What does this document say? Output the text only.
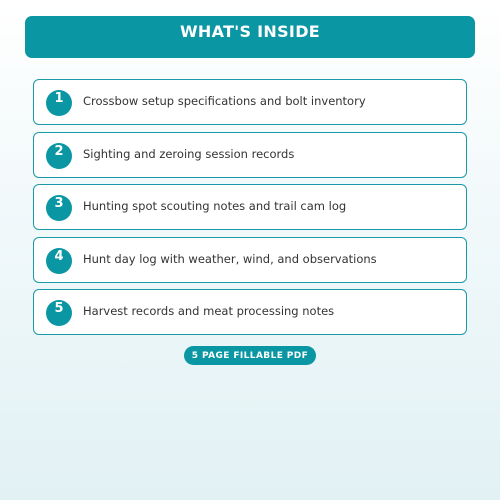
WHAT'S INSIDE
1	Crossbow setup specifications and bolt inventory
2	Sighting and zeroing session records
3	Hunting spot scouting notes and trail cam log
4	Hunt day log with weather, wind, and observations
5	Harvest records and meat processing notes
5 PAGE FILLABLE PDF
